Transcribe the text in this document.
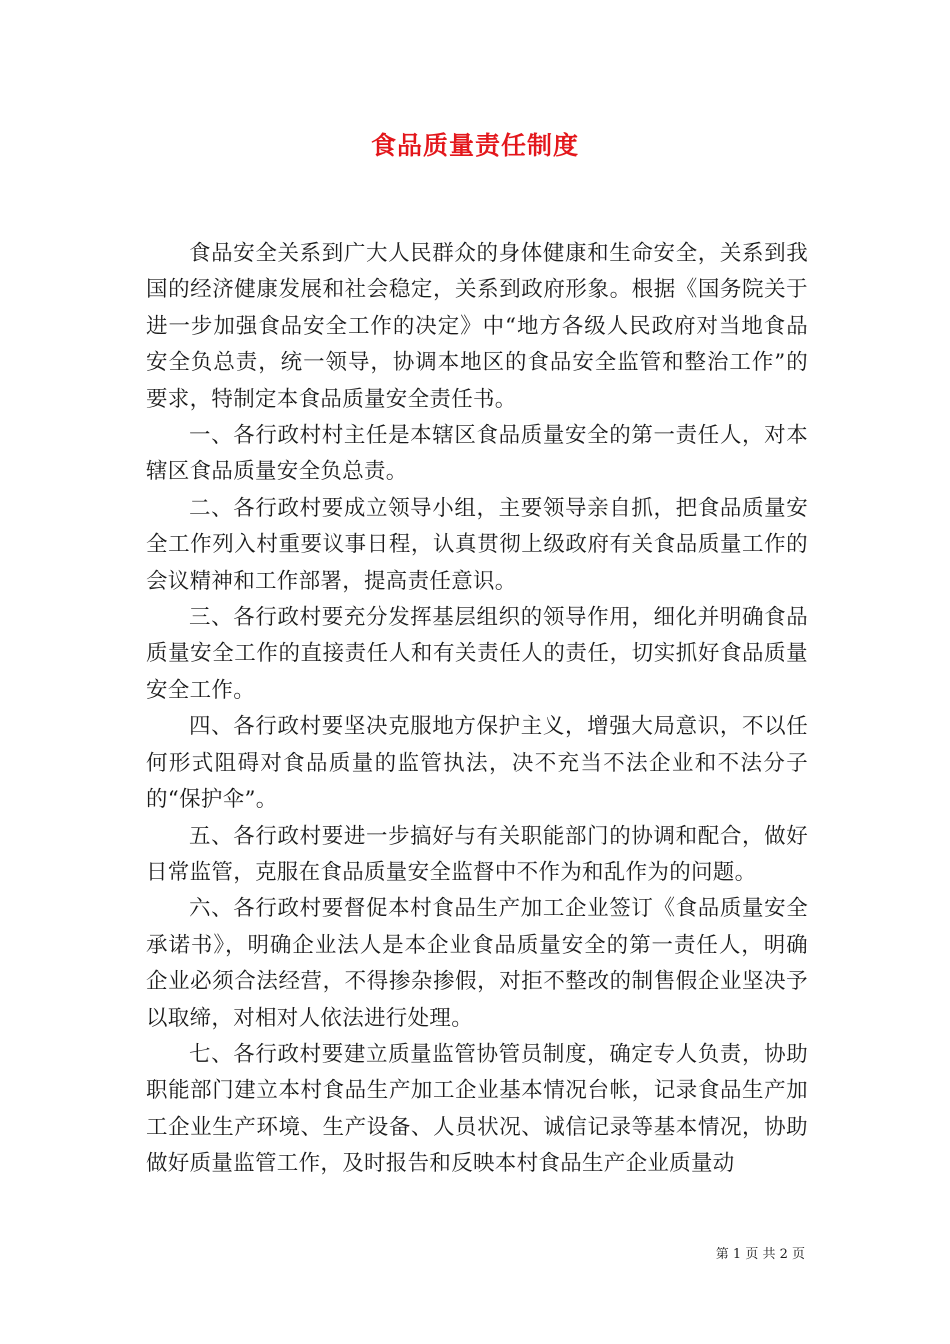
食品质量责任制度

食品安全关系到广大人民群众的身体健康和生命安全，关系到我国的经济健康发展和社会稳定，关系到政府形象。根据《国务院关于进一步加强食品安全工作的决定》中“地方各级人民政府对当地食品安全负总责，统一领导，协调本地区的食品安全监管和整治工作”的要求，特制定本食品质量安全责任书。

一、各行政村村主任是本辖区食品质量安全的第一责任人，对本辖区食品质量安全负总责。

二、各行政村要成立领导小组，主要领导亲自抓，把食品质量安全工作列入村重要议事日程，认真贯彻上级政府有关食品质量工作的会议精神和工作部署，提高责任意识。

三、各行政村要充分发挥基层组织的领导作用，细化并明确食品质量安全工作的直接责任人和有关责任人的责任，切实抓好食品质量安全工作。

四、各行政村要坚决克服地方保护主义，增强大局意识，不以任何形式阻碍对食品质量的监管执法，决不充当不法企业和不法分子的“保护伞”。

五、各行政村要进一步搞好与有关职能部门的协调和配合，做好日常监管，克服在食品质量安全监督中不作为和乱作为的问题。

六、各行政村要督促本村食品生产加工企业签订《食品质量安全承诺书》，明确企业法人是本企业食品质量安全的第一责任人，明确企业必须合法经营，不得掺杂掺假，对拒不整改的制售假企业坚决予以取缔，对相对人依法进行处理。

七、各行政村要建立质量监管协管员制度，确定专人负责，协助职能部门建立本村食品生产加工企业基本情况台帐，记录食品生产加工企业生产环境、生产设备、人员状况、诚信记录等基本情况，协助做好质量监管工作，及时报告和反映本村食品生产企业质量动

第 1 页 共 2 页
